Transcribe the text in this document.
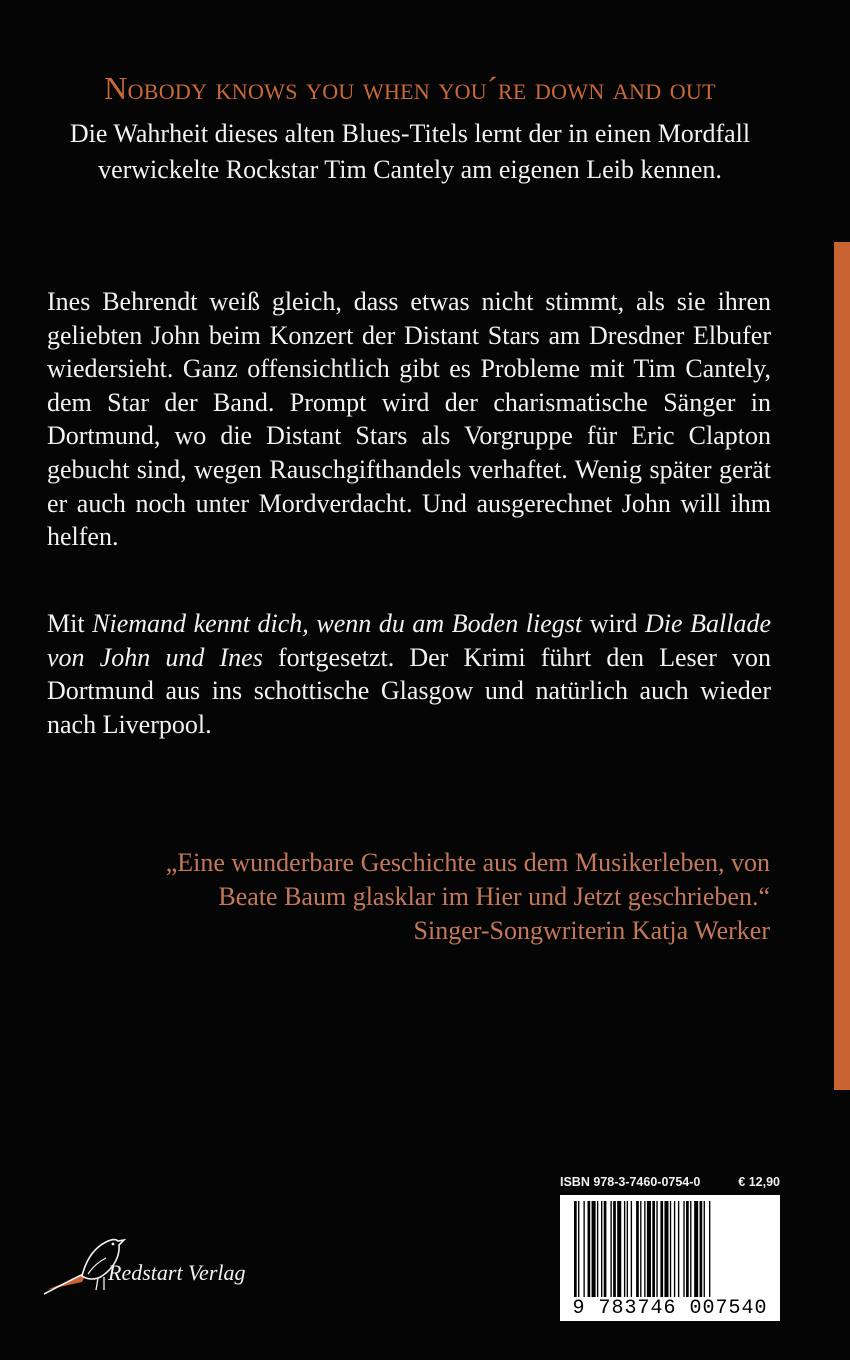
Nobody knows you when you´re down and out
Die Wahrheit dieses alten Blues-Titels lernt der in einen Mordfall verwickelte Rockstar Tim Cantely am eigenen Leib kennen.
Ines Behrendt weiß gleich, dass etwas nicht stimmt, als sie ihren geliebten John beim Konzert der Distant Stars am Dresdner Elbufer wiedersieht. Ganz offensichtlich gibt es Probleme mit Tim Cantely, dem Star der Band. Prompt wird der charismatische Sänger in Dortmund, wo die Distant Stars als Vorgruppe für Eric Clapton gebucht sind, wegen Rauschgifthandels verhaftet. Wenig später gerät er auch noch unter Mordverdacht. Und ausgerechnet John will ihm helfen.
Mit Niemand kennt dich, wenn du am Boden liegst wird Die Ballade von John und Ines fortgesetzt. Der Krimi führt den Leser von Dortmund aus ins schottische Glasgow und natürlich auch wieder nach Liverpool.
„Eine wunderbare Geschichte aus dem Musikerleben, von
Beate Baum glasklar im Hier und Jetzt geschrieben.“
Singer-Songwriterin Katja Werker
Redstart Verlag
ISBN 978-3-7460-0754-0	€ 12,90
9 783746 007540
